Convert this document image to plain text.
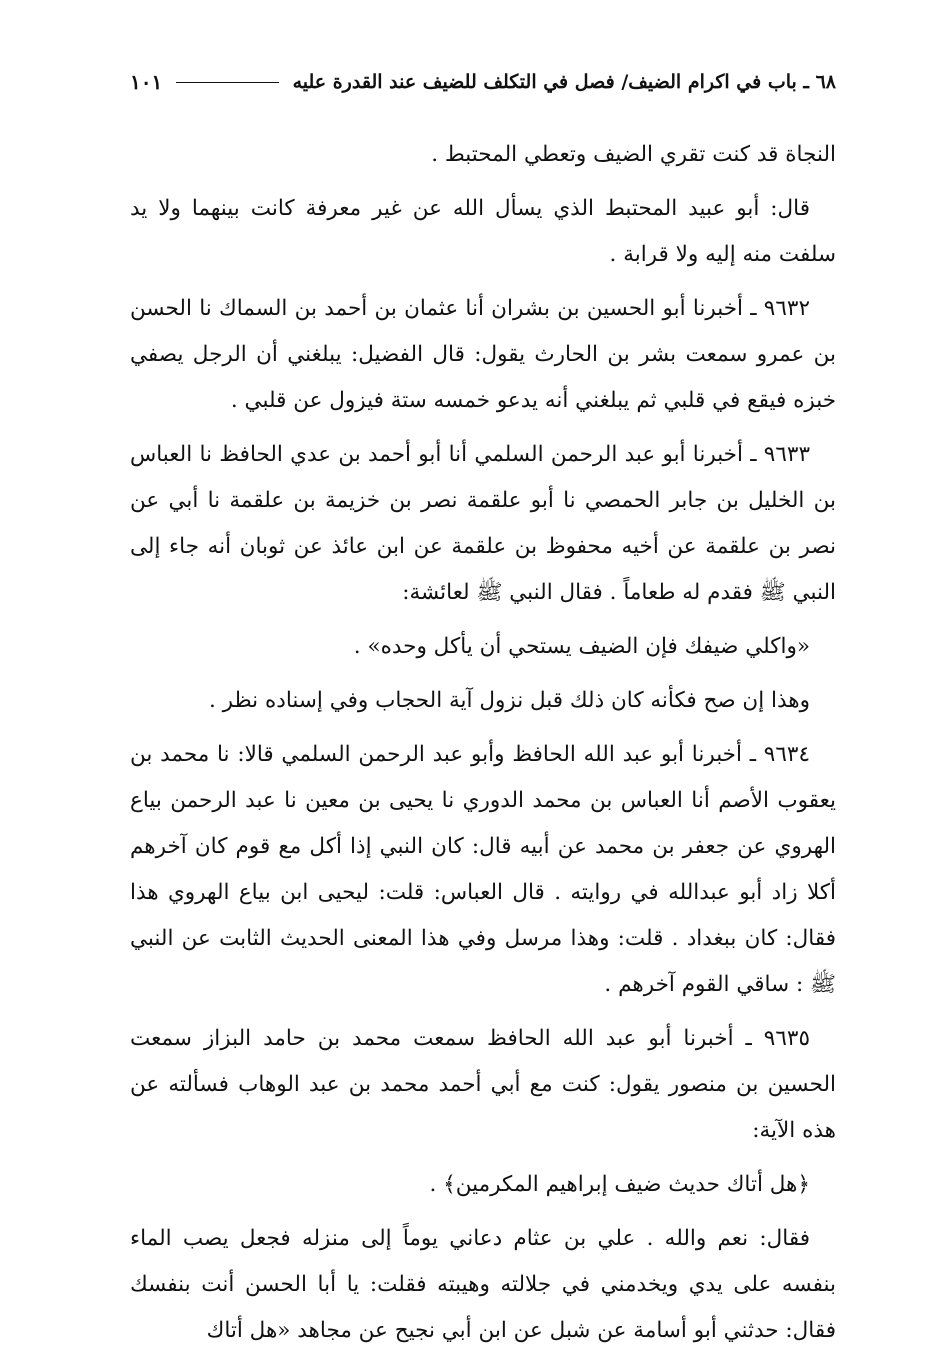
٦٨ ـ باب في اكرام الضيف/ فصل في التكلف للضيف عند القدرة عليه
١٠١

النجاة قد كنت تقري الضيف وتعطي المحتبط .

قال: أبو عبيد المحتبط الذي يسأل الله عن غير معرفة كانت بينهما ولا يد سلفت منه إليه ولا قرابة .

٩٦٣٢ ـ أخبرنا أبو الحسين بن بشران أنا عثمان بن أحمد بن السماك نا الحسن بن عمرو سمعت بشر بن الحارث يقول: قال الفضيل: يبلغني أن الرجل يصفي خبزه فيقع في قلبي ثم يبلغني أنه يدعو خمسه ستة فيزول عن قلبي .

٩٦٣٣ ـ أخبرنا أبو عبد الرحمن السلمي أنا أبو أحمد بن عدي الحافظ نا العباس بن الخليل بن جابر الحمصي نا أبو علقمة نصر بن خزيمة بن علقمة نا أبي عن نصر بن علقمة عن أخيه محفوظ بن علقمة عن ابن عائذ عن ثوبان أنه جاء إلى النبي ﷺ فقدم له طعاماً . فقال النبي ﷺ لعائشة:

«واكلي ضيفك فإن الضيف يستحي أن يأكل وحده» .

وهذا إن صح فكأنه كان ذلك قبل نزول آية الحجاب وفي إسناده نظر .

٩٦٣٤ ـ أخبرنا أبو عبد الله الحافظ وأبو عبد الرحمن السلمي قالا: نا محمد بن يعقوب الأصم أنا العباس بن محمد الدوري نا يحيى بن معين نا عبد الرحمن بياع الهروي عن جعفر بن محمد عن أبيه قال: كان النبي إذا أكل مع قوم كان آخرهم أكلا زاد أبو عبدالله في روايته . قال العباس: قلت: ليحيى ابن بياع الهروي هذا فقال: كان ببغداد . قلت: وهذا مرسل وفي هذا المعنى الحديث الثابت عن النبي ﷺ : ساقي القوم آخرهم .

٩٦٣٥ ـ أخبرنا أبو عبد الله الحافظ سمعت محمد بن حامد البزاز سمعت الحسين بن منصور يقول: كنت مع أبي أحمد محمد بن عبد الوهاب فسألته عن هذه الآية:

﴿هل أتاك حديث ضيف إبراهيم المكرمين﴾ .

فقال: نعم والله . علي بن عثام دعاني يوماً إلى منزله فجعل يصب الماء بنفسه على يدي ويخدمني في جلالته وهيبته فقلت: يا أبا الحسن أنت بنفسك فقال: حدثني أبو أسامة عن شبل عن ابن أبي نجيح عن مجاهد «هل أتاك
